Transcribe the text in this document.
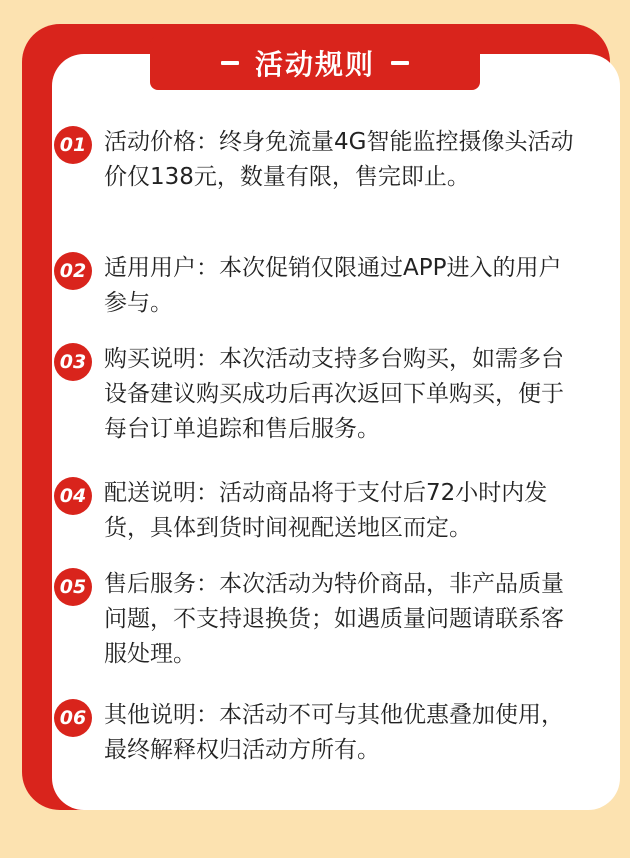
活动规则
01 活动价格：终身免流量4G智能监控摄像头活动价仅138元，数量有限，售完即止。
02 适用用户：本次促销仅限通过APP进入的用户参与。
03 购买说明：本次活动支持多台购买，如需多台设备建议购买成功后再次返回下单购买，便于每台订单追踪和售后服务。
04 配送说明：活动商品将于支付后72小时内发货，具体到货时间视配送地区而定。
05 售后服务：本次活动为特价商品，非产品质量问题，不支持退换货；如遇质量问题请联系客服处理。
06 其他说明：本活动不可与其他优惠叠加使用，最终解释权归活动方所有。
